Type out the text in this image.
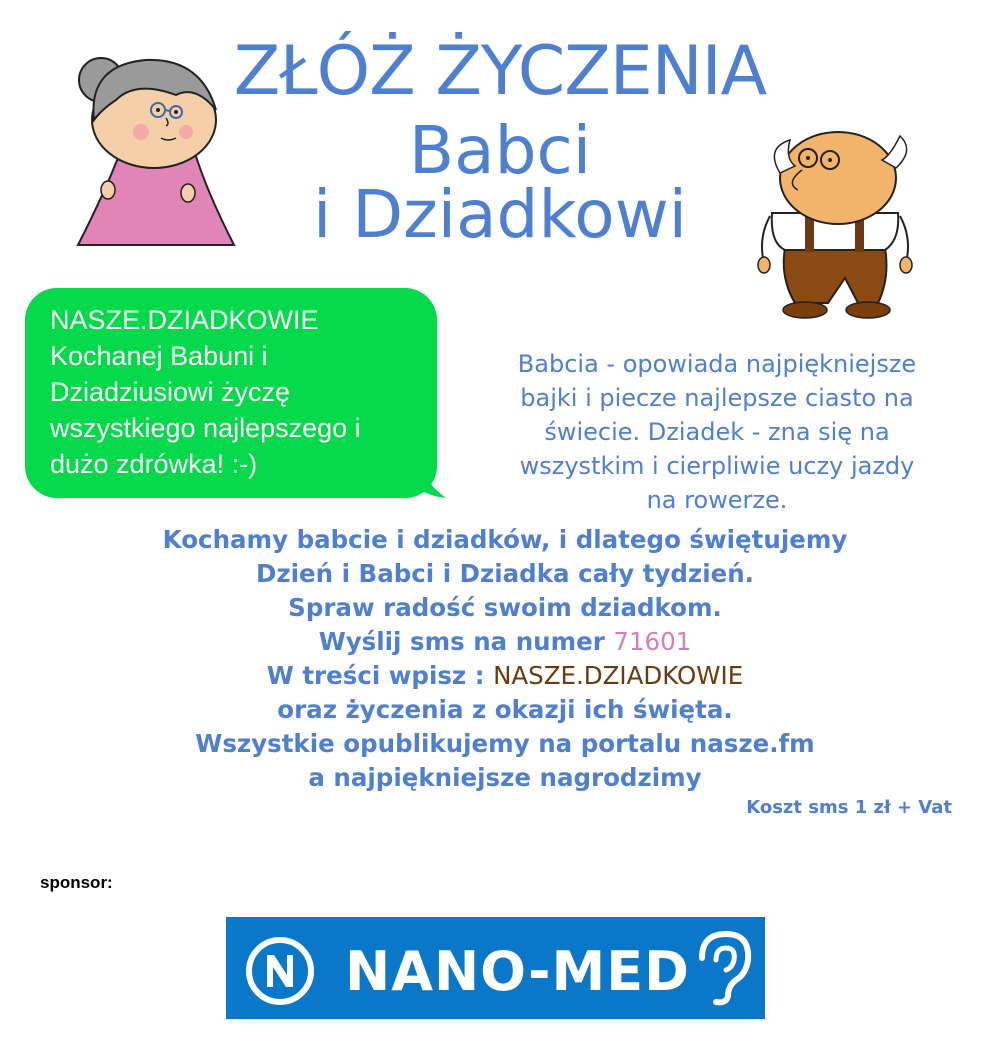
ZŁÓŻ ŻYCZENIA
Babci
i Dziadkowi
NASZE.DZIADKOWIE
Kochanej Babuni i
Dziadziusiowi życzę
wszystkiego najlepszego i
dużo zdrówka! :-)
Babcia - opowiada najpiękniejsze
bajki i piecze najlepsze ciasto na
świecie. Dziadek - zna się na
wszystkim i cierpliwie uczy jazdy
na rowerze.
Kochamy babcie i dziadków, i dlatego świętujemy
Dzień i Babci i Dziadka cały tydzień.
Spraw radość swoim dziadkom.
Wyślij sms na numer 71601
W treści wpisz : NASZE.DZIADKOWIE
oraz życzenia z okazji ich święta.
Wszystkie opublikujemy na portalu nasze.fm
a najpiękniejsze nagrodzimy
Koszt sms 1 zł + Vat
sponsor:
NANO-MED
